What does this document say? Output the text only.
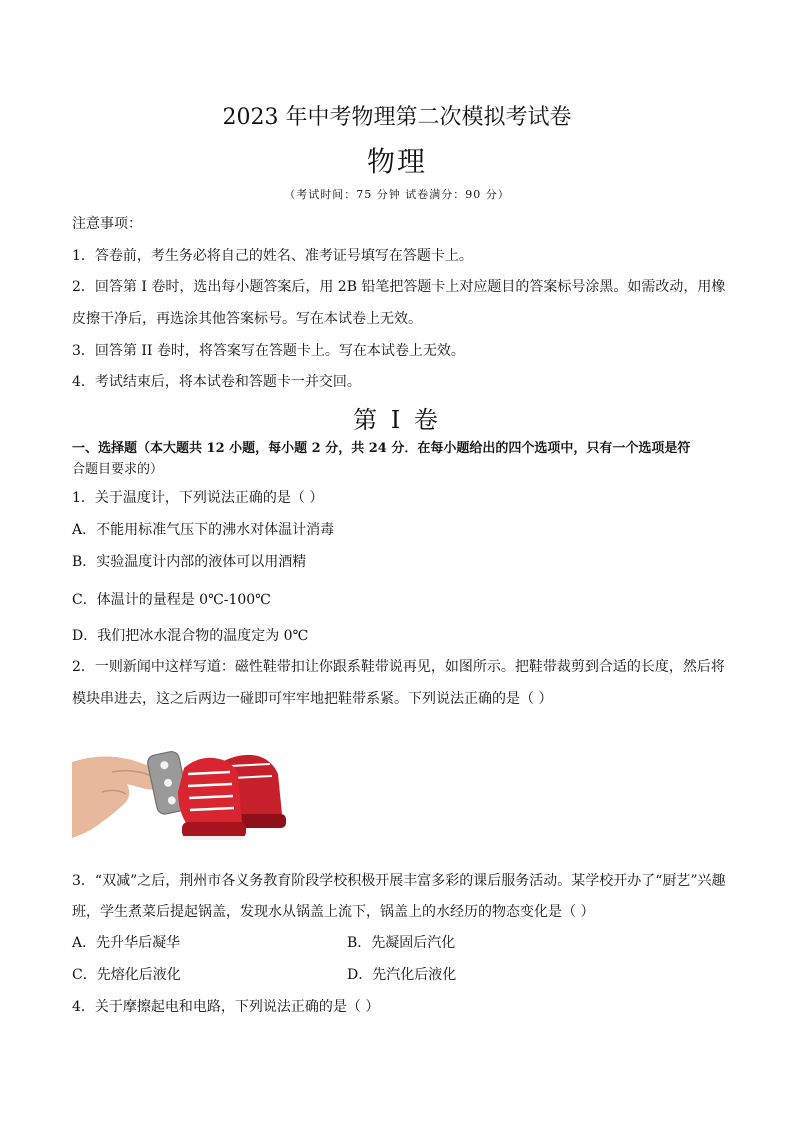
2023 年中考物理第二次模拟考试卷
物理
（考试时间：75 分钟 试卷满分：90 分）
注意事项：
1．答卷前，考生务必将自己的姓名、准考证号填写在答题卡上。
2．回答第 I 卷时，选出每小题答案后，用 2B 铅笔把答题卡上对应题目的答案标号涂黑。如需改动，用橡
皮擦干净后，再选涂其他答案标号。写在本试卷上无效。
3．回答第 II 卷时，将答案写在答题卡上。写在本试卷上无效。
4．考试结束后，将本试卷和答题卡一并交回。
第 I 卷
一、选择题（本大题共 12 小题，每小题 2 分，共 24 分．在每小题给出的四个选项中，只有一个选项是符
合题目要求的）
1．关于温度计，下列说法正确的是（ ）
A．不能用标准气压下的沸水对体温计消毒
B．实验温度计内部的液体可以用酒精
C．体温计的量程是 0℃-100℃
D．我们把冰水混合物的温度定为 0℃
2．一则新闻中这样写道：磁性鞋带扣让你跟系鞋带说再见，如图所示。把鞋带裁剪到合适的长度，然后将
模块串进去，这之后两边一碰即可牢牢地把鞋带系紧。下列说法正确的是（ ）
3．“双减”之后，荆州市各义务教育阶段学校积极开展丰富多彩的课后服务活动。某学校开办了“厨艺”兴趣
班，学生煮菜后提起锅盖，发现水从锅盖上流下，锅盖上的水经历的物态变化是（ ）
A．先升华后凝华	B．先凝固后汽化
C．先熔化后液化	D．先汽化后液化
4．关于摩擦起电和电路，下列说法正确的是（ ）
